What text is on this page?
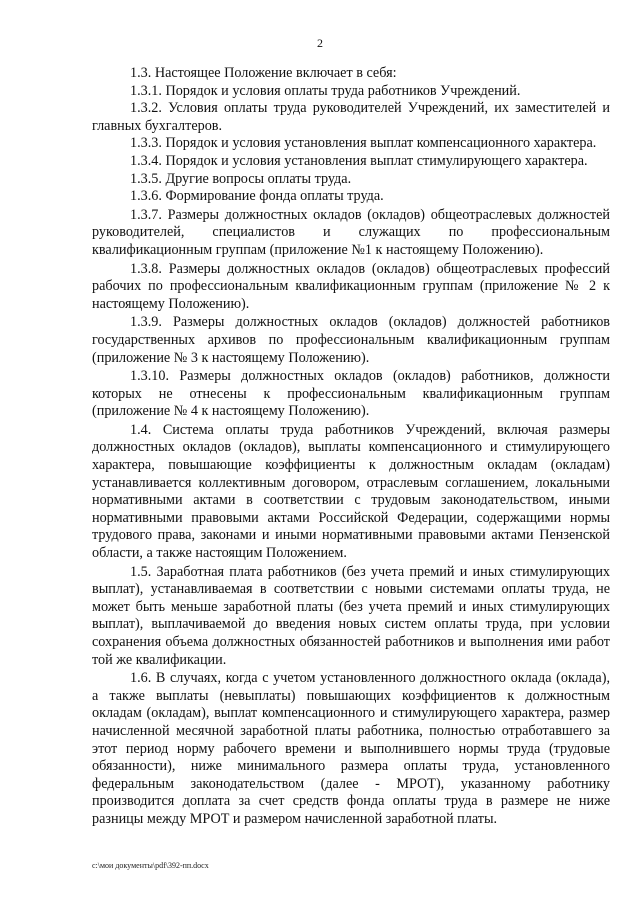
2

1.3. Настоящее Положение включает в себя:

1.3.1. Порядок и условия оплаты труда работников Учреждений.

1.3.2. Условия оплаты труда руководителей Учреждений, их заместителей и главных бухгалтеров.

1.3.3. Порядок и условия установления выплат компенсационного характера.

1.3.4. Порядок и условия установления выплат стимулирующего характера.

1.3.5. Другие вопросы оплаты труда.

1.3.6. Формирование фонда оплаты труда.

1.3.7. Размеры должностных окладов (окладов) общеотраслевых должностей руководителей, специалистов и служащих по профессиональным квалификационным группам (приложение №1 к настоящему Положению).

1.3.8. Размеры должностных окладов (окладов) общеотраслевых профессий рабочих по профессиональным квалификационным группам (приложение № 2 к настоящему Положению).

1.3.9. Размеры должностных окладов (окладов) должностей работников государственных архивов по профессиональным квалификационным группам (приложение № 3 к настоящему Положению).

1.3.10. Размеры должностных окладов (окладов) работников, должности которых не отнесены к профессиональным квалификационным группам (приложение № 4 к настоящему Положению).

1.4. Система оплаты труда работников Учреждений, включая размеры должностных окладов (окладов), выплаты компенсационного и стимулирующего характера, повышающие коэффициенты к должностным окладам (окладам) устанавливается коллективным договором, отраслевым соглашением, локальными нормативными актами в соответствии с трудовым законодательством, иными нормативными правовыми актами Российской Федерации, содержащими нормы трудового права, законами и иными нормативными правовыми актами Пензенской области, а также настоящим Положением.

1.5. Заработная плата работников (без учета премий и иных стимулирующих выплат), устанавливаемая в соответствии с новыми системами оплаты труда, не может быть меньше заработной платы (без учета премий и иных стимулирующих выплат), выплачиваемой до введения новых систем оплаты труда, при условии сохранения объема должностных обязанностей работников и выполнения ими работ той же квалификации.

1.6. В случаях, когда с учетом установленного должностного оклада (оклада), а также выплаты (невыплаты) повышающих коэффициентов к должностным окладам (окладам), выплат компенсационного и стимулирующего характера, размер начисленной месячной заработной платы работника, полностью отработавшего за этот период норму рабочего времени и выполнившего нормы труда (трудовые обязанности), ниже минимального размера оплаты труда, установленного федеральным законодательством (далее - МРОТ), указанному работнику производится доплата за счет средств фонда оплаты труда в размере не ниже разницы между МРОТ и размером начисленной заработной платы.

c:\мои документы\pdf\392-пп.docx
